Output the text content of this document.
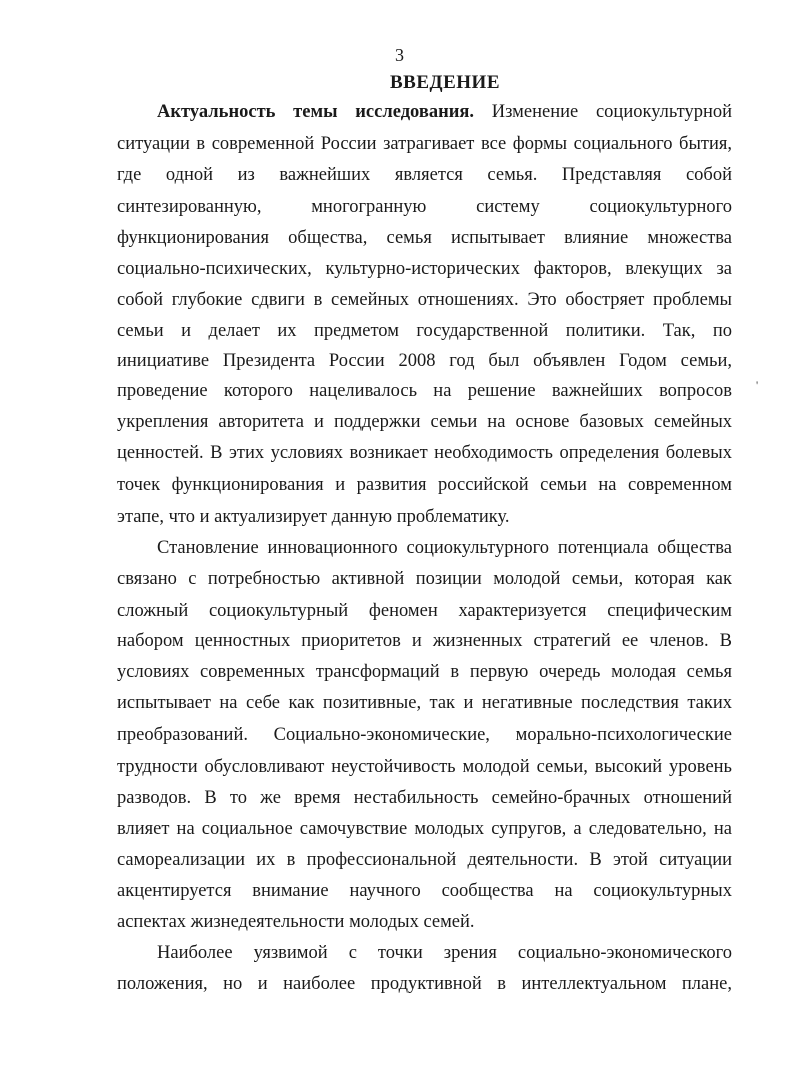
3
ВВЕДЕНИЕ
'
Актуальность темы исследования. Изменение социокультурной
ситуации в современной России затрагивает все формы социального бытия,
где одной из важнейших является семья. Представляя собой
синтезированную, многогранную систему социокультурного
функционирования общества, семья испытывает влияние множества
социально-психических, культурно-исторических факторов, влекущих за
собой глубокие сдвиги в семейных отношениях. Это обостряет проблемы
семьи и делает их предметом государственной политики. Так, по
инициативе Президента России 2008 год был объявлен Годом семьи,
проведение которого нацеливалось на решение важнейших вопросов
укрепления авторитета и поддержки семьи на основе базовых семейных
ценностей. В этих условиях возникает необходимость определения болевых
точек функционирования и развития российской семьи на современном
этапе, что и актуализирует данную проблематику.
Становление инновационного социокультурного потенциала общества
связано с потребностью активной позиции молодой семьи, которая как
сложный социокультурный феномен характеризуется специфическим
набором ценностных приоритетов и жизненных стратегий ее членов. В
условиях современных трансформаций в первую очередь молодая семья
испытывает на себе как позитивные, так и негативные последствия таких
преобразований. Социально-экономические, морально-психологические
трудности обусловливают неустойчивость молодой семьи, высокий уровень
разводов. В то же время нестабильность семейно-брачных отношений
влияет на социальное самочувствие молодых супругов, а следовательно, на
самореализации их в профессиональной деятельности. В этой ситуации
акцентируется внимание научного сообщества на социокультурных
аспектах жизнедеятельности молодых семей.
Наиболее уязвимой с точки зрения социально-экономического
положения, но и наиболее продуктивной в интеллектуальном плане,
